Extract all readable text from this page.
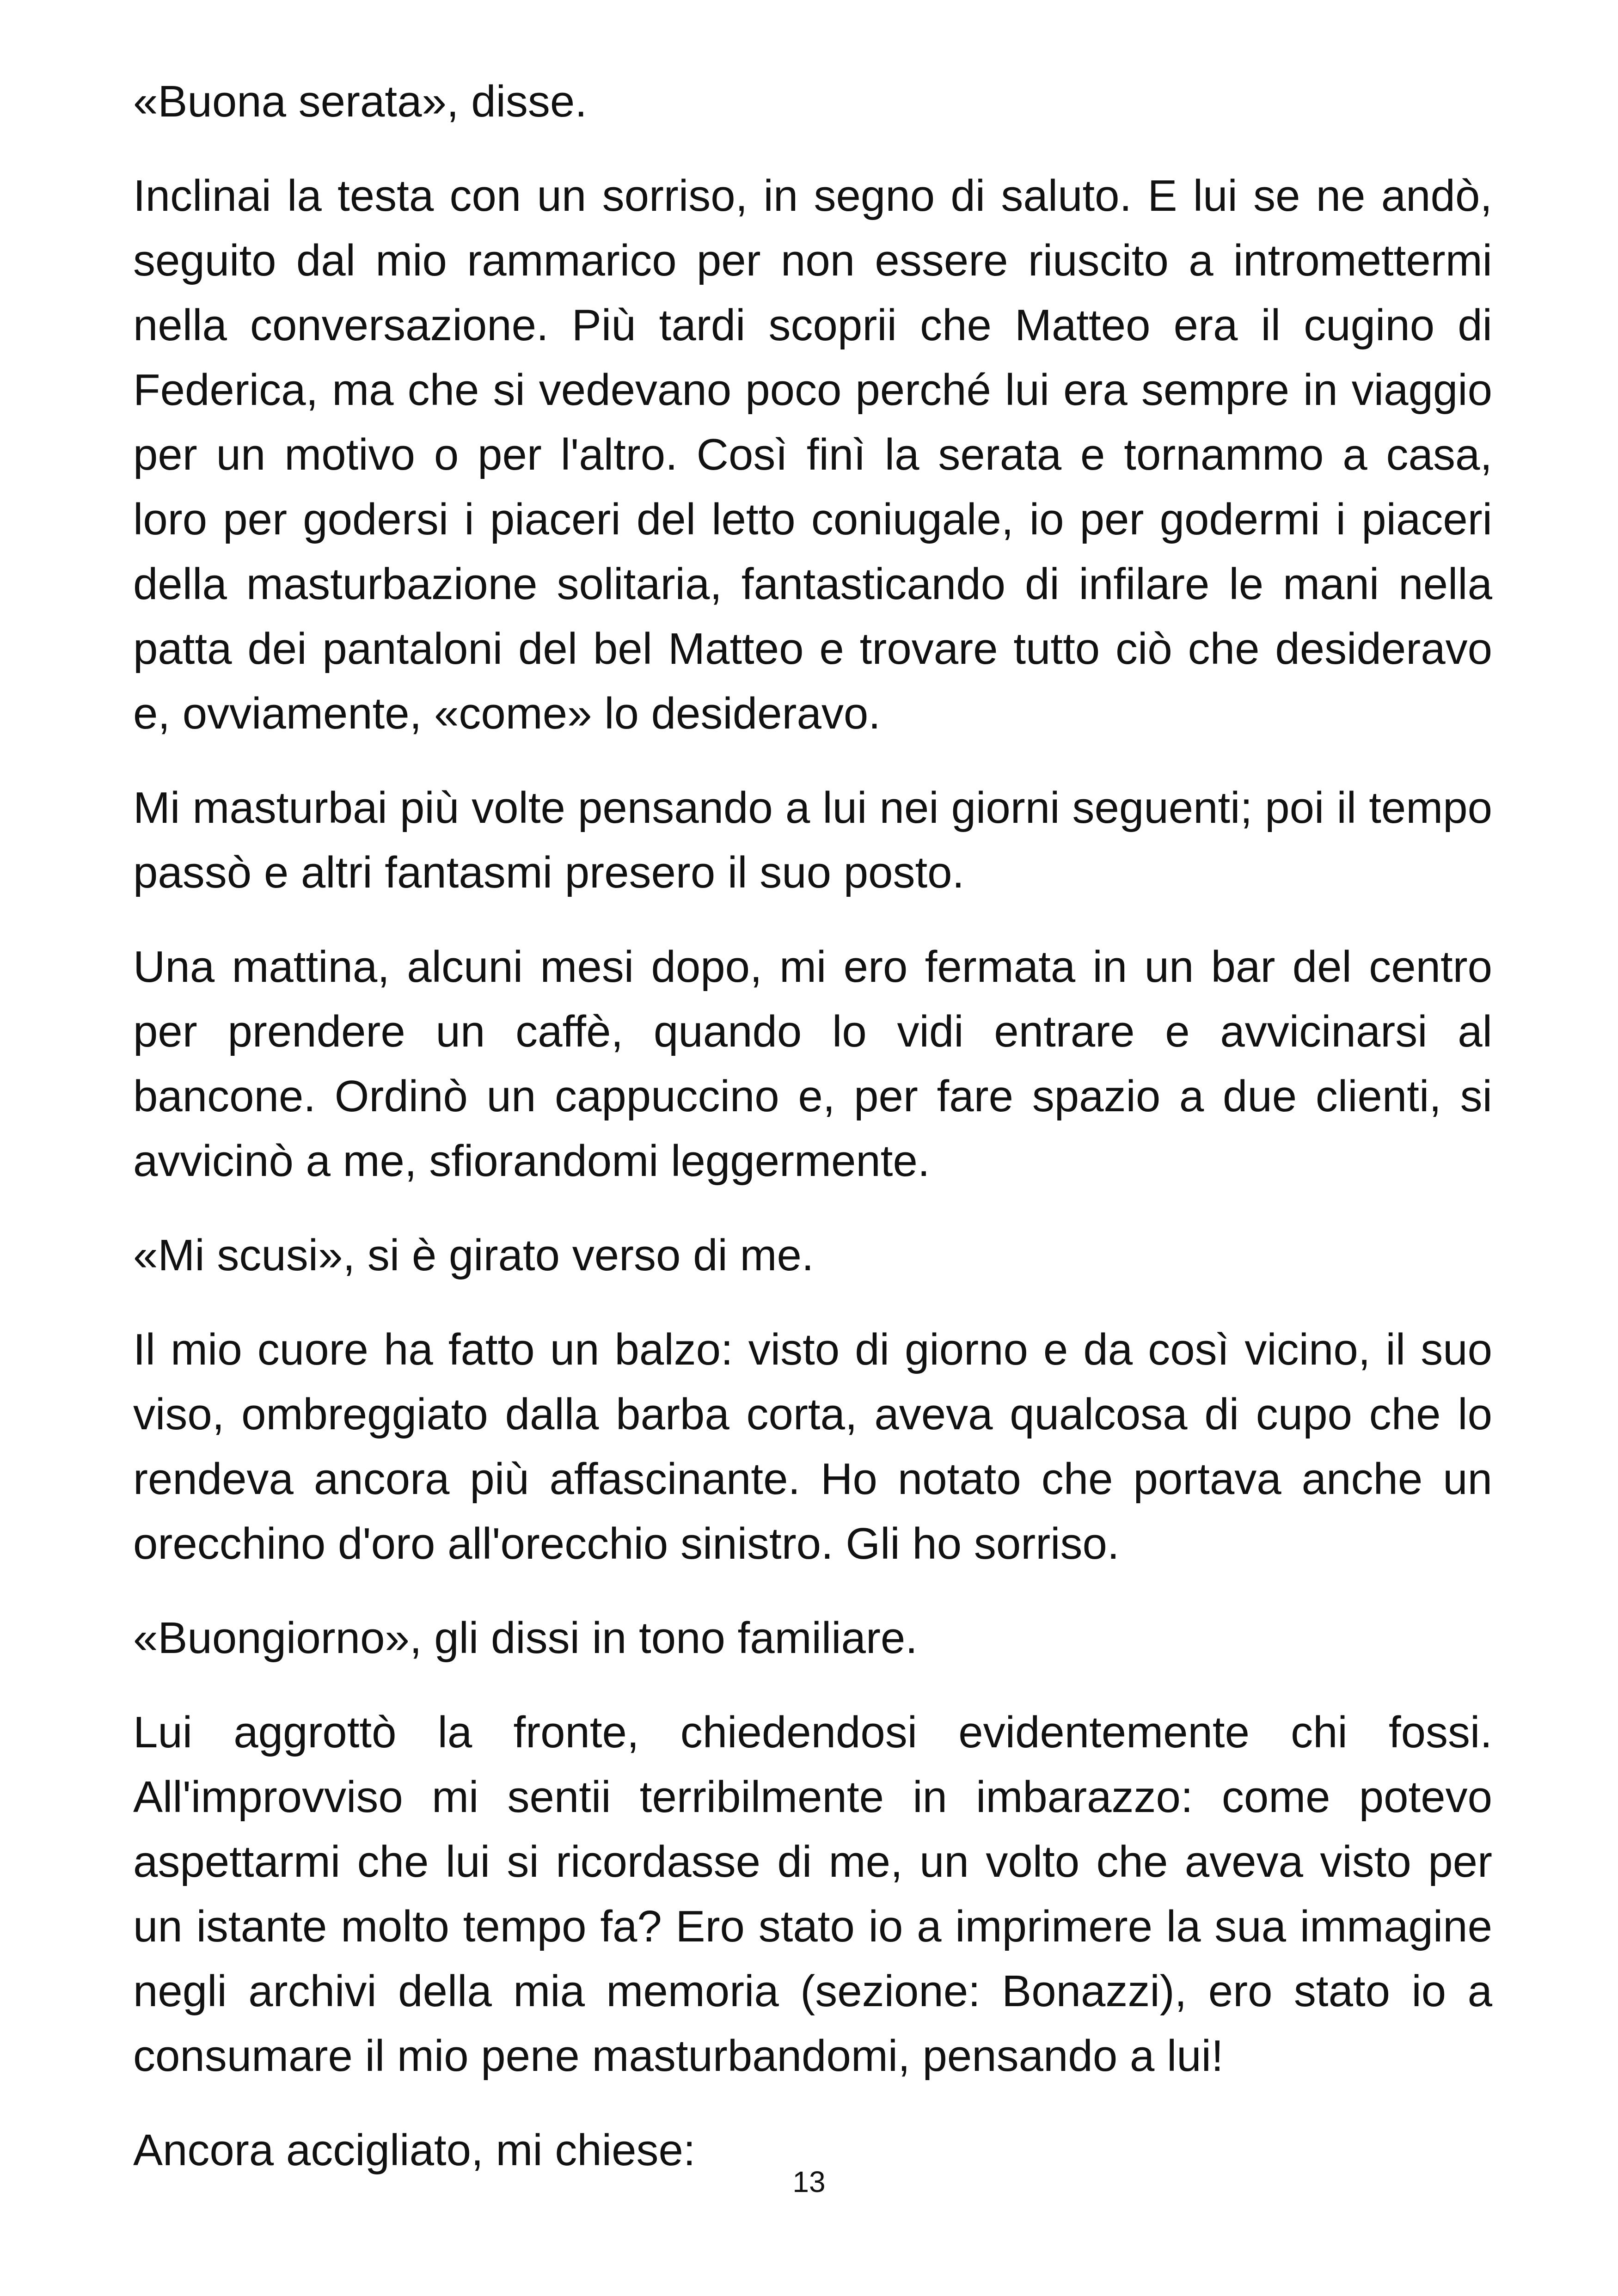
«Buona serata», disse.

Inclinai la testa con un sorriso, in segno di saluto. E lui se ne andò, seguito dal mio rammarico per non essere riuscito a intromettermi nella conversazione. Più tardi scoprii che Matteo era il cugino di Federica, ma che si vedevano poco perché lui era sempre in viaggio per un motivo o per l'altro. Così finì la serata e tornammo a casa, loro per godersi i piaceri del letto coniugale, io per godermi i piaceri della masturbazione solitaria, fantasticando di infilare le mani nella patta dei pantaloni del bel Matteo e trovare tutto ciò che desideravo e, ovviamente, «come» lo desideravo.

Mi masturbai più volte pensando a lui nei giorni seguenti; poi il tempo passò e altri fantasmi presero il suo posto.

Una mattina, alcuni mesi dopo, mi ero fermata in un bar del centro per prendere un caffè, quando lo vidi entrare e avvicinarsi al bancone. Ordinò un cappuccino e, per fare spazio a due clienti, si avvicinò a me, sfiorandomi leggermente.

«Mi scusi», si è girato verso di me.

Il mio cuore ha fatto un balzo: visto di giorno e da così vicino, il suo viso, ombreggiato dalla barba corta, aveva qualcosa di cupo che lo rendeva ancora più affascinante. Ho notato che portava anche un orecchino d'oro all'orecchio sinistro. Gli ho sorriso.

«Buongiorno», gli dissi in tono familiare.

Lui aggrottò la fronte, chiedendosi evidentemente chi fossi. All'improvviso mi sentii terribilmente in imbarazzo: come potevo aspettarmi che lui si ricordasse di me, un volto che aveva visto per un istante molto tempo fa? Ero stato io a imprimere la sua immagine negli archivi della mia memoria (sezione: Bonazzi), ero stato io a consumare il mio pene masturbandomi, pensando a lui!

Ancora accigliato, mi chiese:

13
